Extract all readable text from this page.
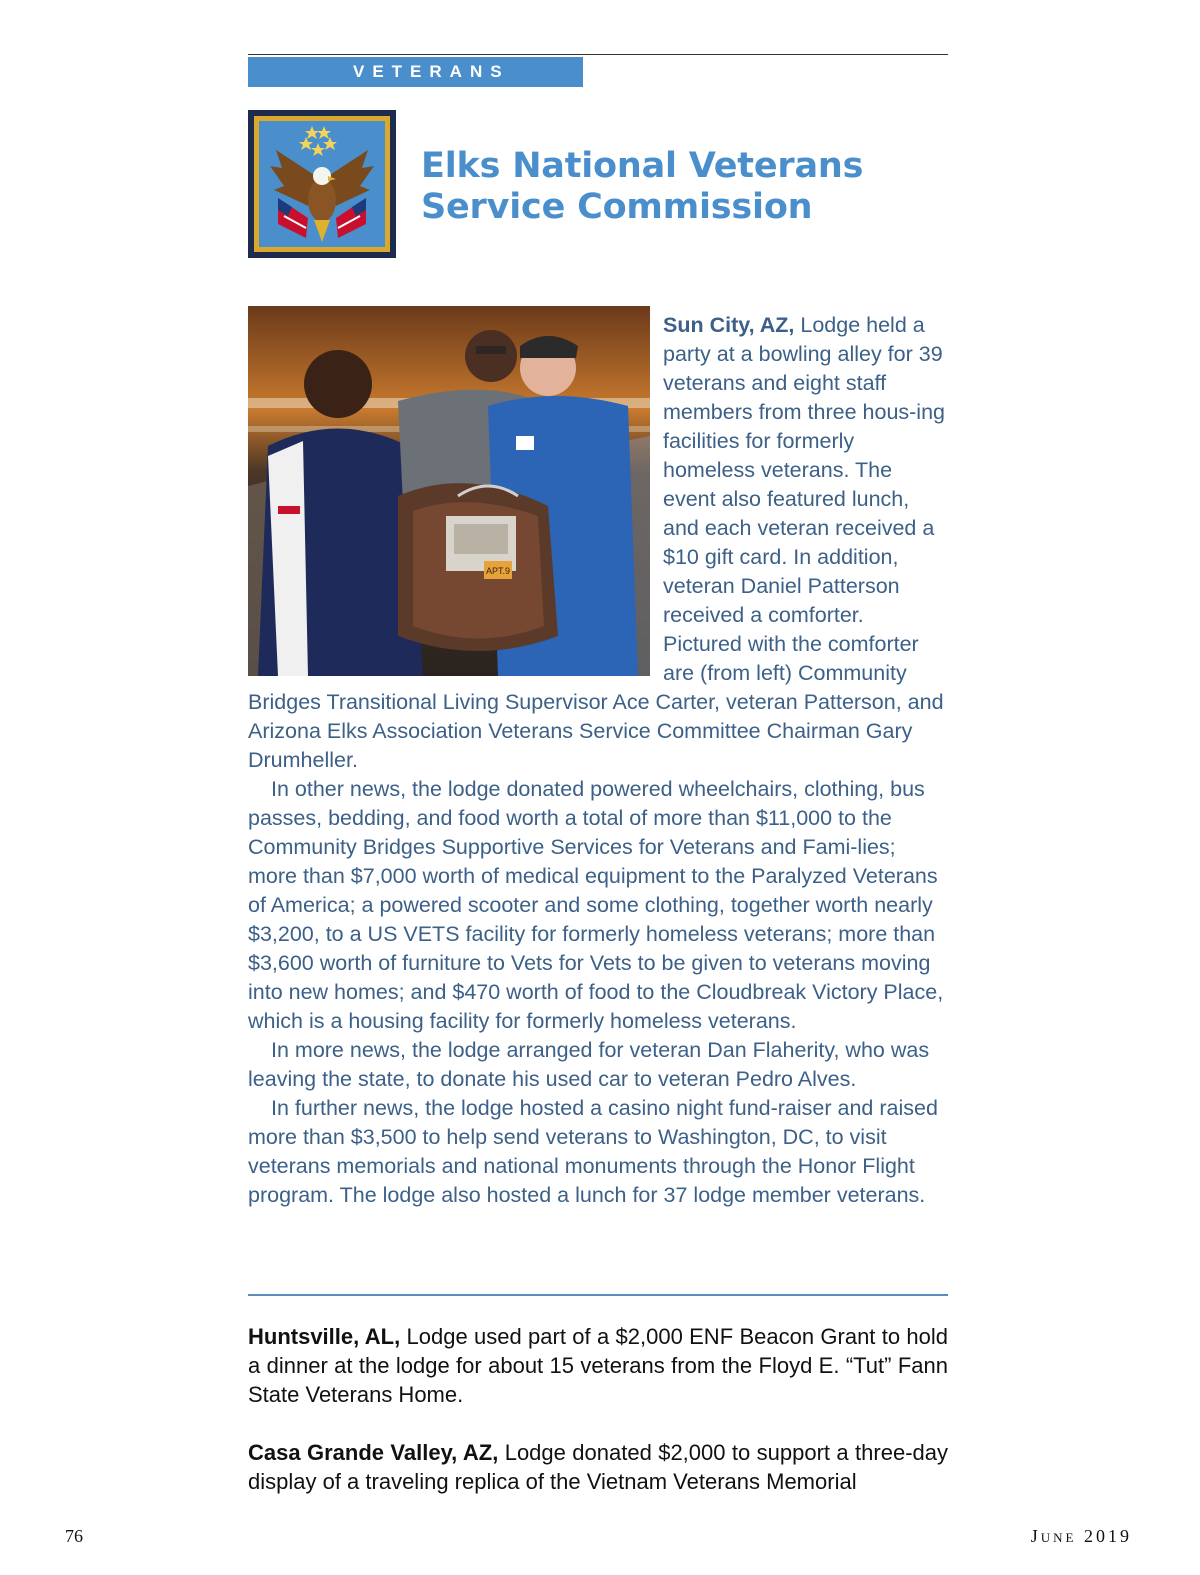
VETERANS
Elks National Veterans
Service Commission
APT.9

Sun City, AZ, Lodge held a party at a bowling alley for 39 veterans and eight staff members from three hous-ing facilities for formerly homeless veterans. The event also featured lunch, and each veteran received a $10 gift card. In addition, veteran Daniel Patterson received a comforter. Pictured with the comforter are (from left) Community Bridges Transitional Living Supervisor Ace Carter, veteran Patterson, and Arizona Elks Association Veterans Service Committee Chairman Gary Drumheller.

In other news, the lodge donated powered wheelchairs, clothing, bus passes, bedding, and food worth a total of more than $11,000 to the Community Bridges Supportive Services for Veterans and Fami-lies; more than $7,000 worth of medical equipment to the Paralyzed Veterans of America; a powered scooter and some clothing, together worth nearly $3,200, to a US VETS facility for formerly homeless veterans; more than $3,600 worth of furniture to Vets for Vets to be given to veterans moving into new homes; and $470 worth of food to the Cloudbreak Victory Place, which is a housing facility for formerly homeless veterans.

In more news, the lodge arranged for veteran Dan Flaherity, who was leaving the state, to donate his used car to veteran Pedro Alves.

In further news, the lodge hosted a casino night fund-raiser and raised more than $3,500 to help send veterans to Washington, DC, to visit veterans memorials and national monuments through the Honor Flight program. The lodge also hosted a lunch for 37 lodge member veterans.

Huntsville, AL, Lodge used part of a $2,000 ENF Beacon Grant to hold a dinner at the lodge for about 15 veterans from the Floyd E. “Tut” Fann State Veterans Home.

Casa Grande Valley, AZ, Lodge donated $2,000 to support a three-day display of a traveling replica of the Vietnam Veterans Memorial

76	June 2019
